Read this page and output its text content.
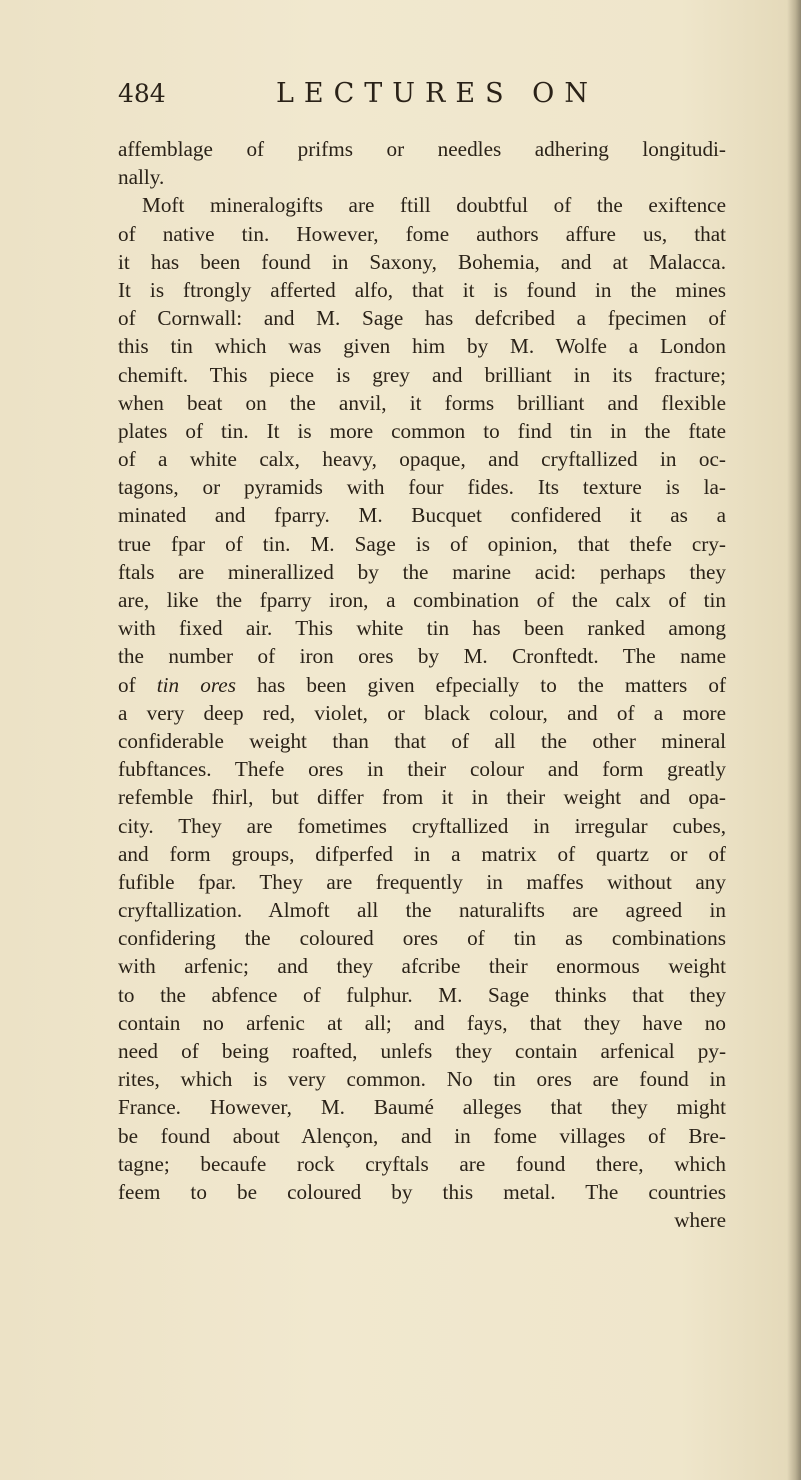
484	LECTURES ON
affemblage of prifms or needles adhering longitudi-
nally.
Moft mineralogifts are ftill doubtful of the exiftence
of native tin. However, fome authors affure us, that
it has been found in Saxony, Bohemia, and at Malacca.
It is ftrongly afferted alfo, that it is found in the mines
of Cornwall: and M. Sage has defcribed a fpecimen of
this tin which was given him by M. Wolfe a London
chemift. This piece is grey and brilliant in its fracture;
when beat on the anvil, it forms brilliant and flexible
plates of tin. It is more common to find tin in the ftate
of a white calx, heavy, opaque, and cryftallized in oc-
tagons, or pyramids with four fides. Its texture is la-
minated and fparry. M. Bucquet confidered it as a
true fpar of tin. M. Sage is of opinion, that thefe cry-
ftals are minerallized by the marine acid: perhaps they
are, like the fparry iron, a combination of the calx of tin
with fixed air. This white tin has been ranked among
the number of iron ores by M. Cronftedt. The name
of tin ores has been given efpecially to the matters of
a very deep red, violet, or black colour, and of a more
confiderable weight than that of all the other mineral
fubftances. Thefe ores in their colour and form greatly
refemble fhirl, but differ from it in their weight and opa-
city. They are fometimes cryftallized in irregular cubes,
and form groups, difperfed in a matrix of quartz or of
fufible fpar. They are frequently in maffes without any
cryftallization. Almoft all the naturalifts are agreed in
confidering the coloured ores of tin as combinations
with arfenic; and they afcribe their enormous weight
to the abfence of fulphur. M. Sage thinks that they
contain no arfenic at all; and fays, that they have no
need of being roafted, unlefs they contain arfenical py-
rites, which is very common. No tin ores are found in
France. However, M. Baumé alleges that they might
be found about Alençon, and in fome villages of Bre-
tagne; becaufe rock cryftals are found there, which
feem to be coloured by this metal. The countries
where
